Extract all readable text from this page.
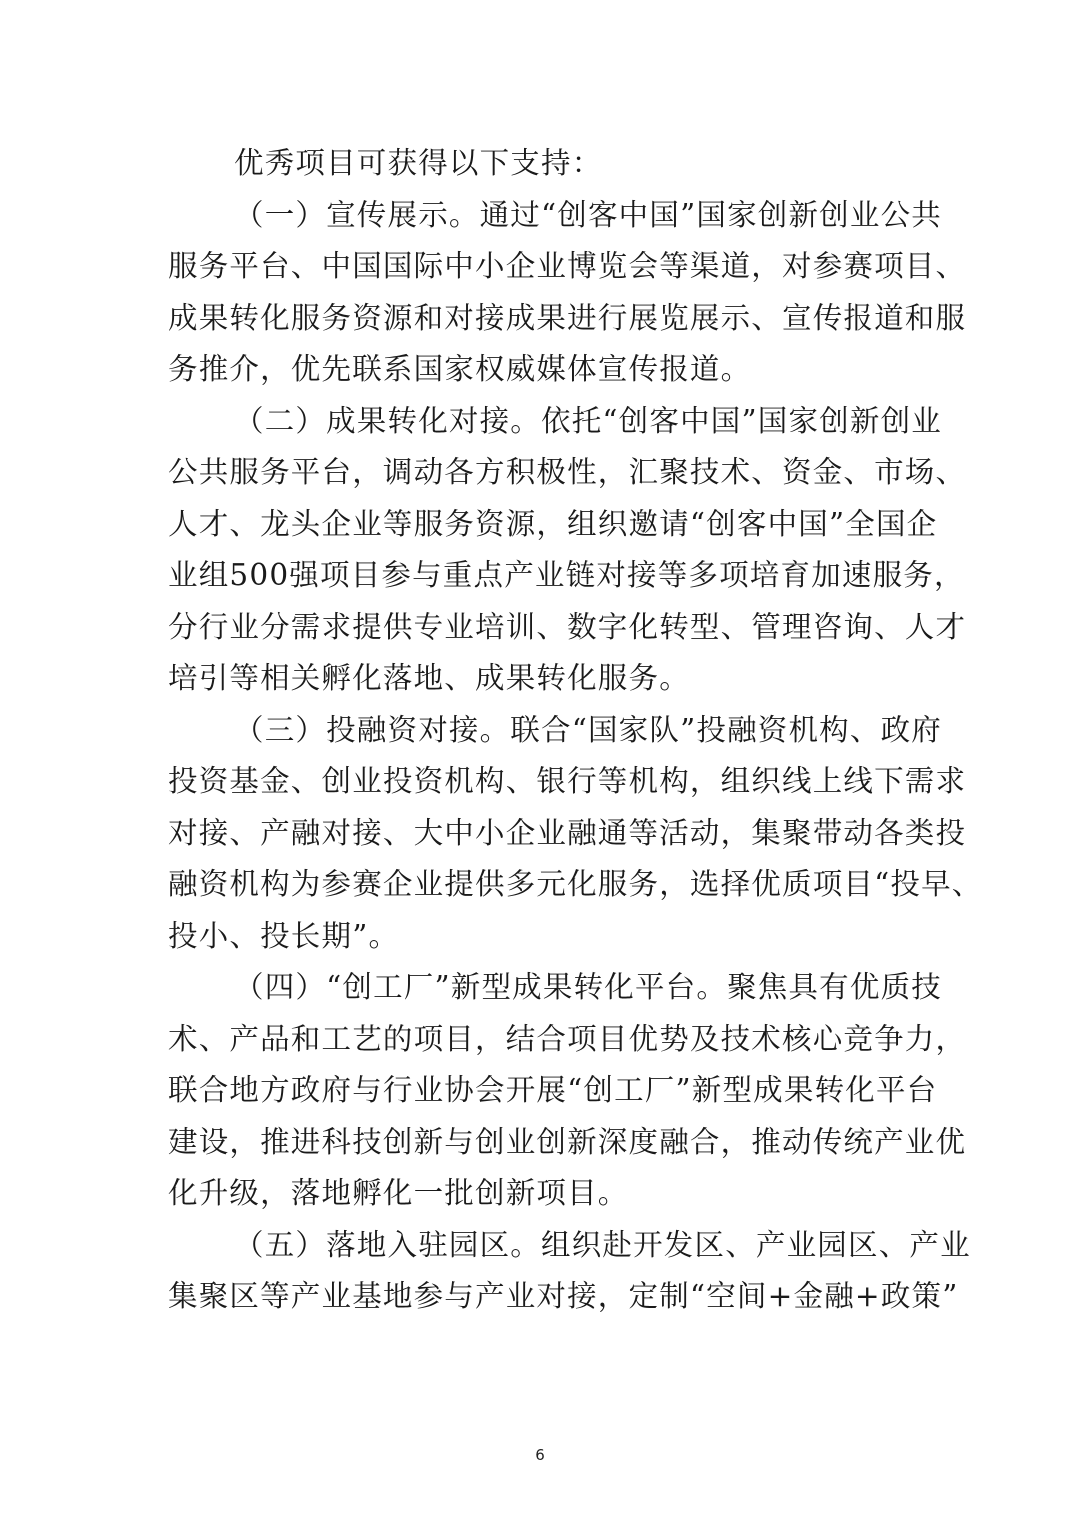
优秀项目可获得以下支持：
（一）宣传展示。通过“创客中国”国家创新创业公共
服务平台、中国国际中小企业博览会等渠道，对参赛项目、
成果转化服务资源和对接成果进行展览展示、宣传报道和服
务推介，优先联系国家权威媒体宣传报道。
（二）成果转化对接。依托“创客中国”国家创新创业
公共服务平台，调动各方积极性，汇聚技术、资金、市场、
人才、龙头企业等服务资源，组织邀请“创客中国”全国企
业组500强项目参与重点产业链对接等多项培育加速服务，
分行业分需求提供专业培训、数字化转型、管理咨询、人才
培引等相关孵化落地、成果转化服务。
（三）投融资对接。联合“国家队”投融资机构、政府
投资基金、创业投资机构、银行等机构，组织线上线下需求
对接、产融对接、大中小企业融通等活动，集聚带动各类投
融资机构为参赛企业提供多元化服务，选择优质项目“投早、
投小、投长期”。
（四）“创工厂”新型成果转化平台。聚焦具有优质技
术、产品和工艺的项目，结合项目优势及技术核心竞争力，
联合地方政府与行业协会开展“创工厂”新型成果转化平台
建设，推进科技创新与创业创新深度融合，推动传统产业优
化升级，落地孵化一批创新项目。
（五）落地入驻园区。组织赴开发区、产业园区、产业
集聚区等产业基地参与产业对接，定制“空间+金融+政策”
6
